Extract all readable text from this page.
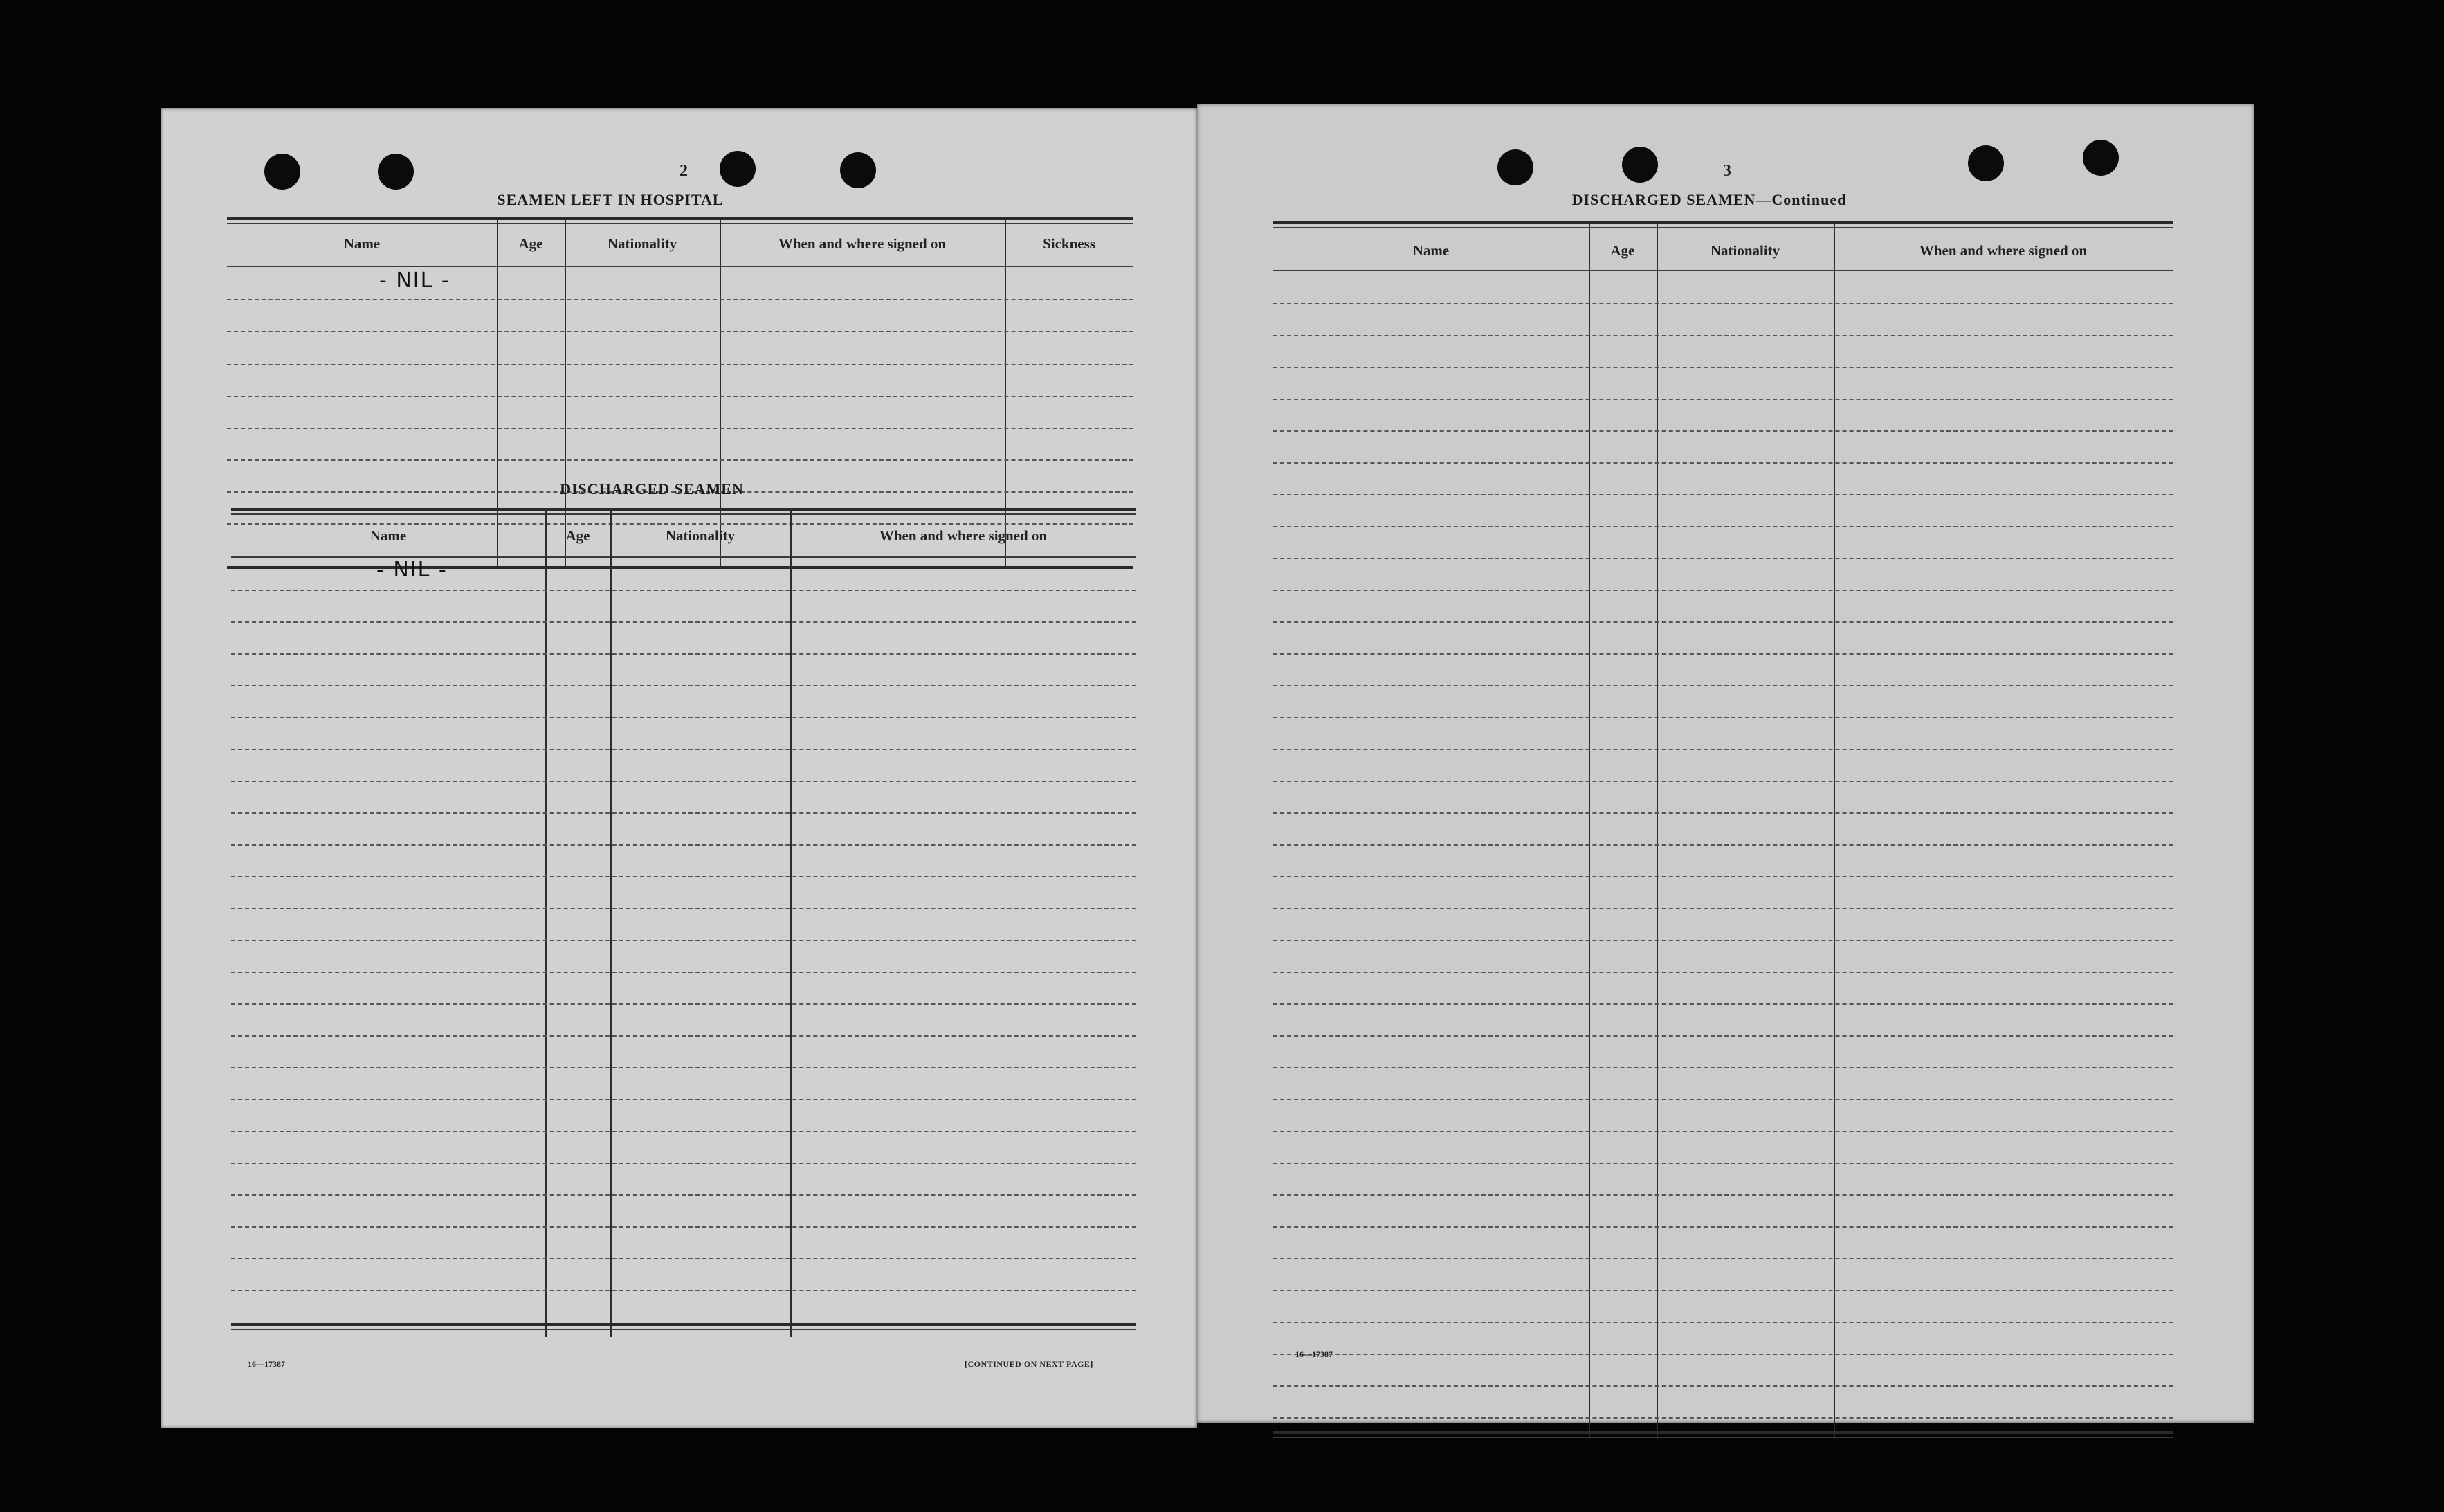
2
SEAMEN LEFT IN HOSPITAL
Name	Age	Nationality	When and where signed on	Sickness
- NIL -
DISCHARGED SEAMEN
Name	Age	Nationality	When and where signed on
- NIL -
16—17387	[CONTINUED ON NEXT PAGE]
3
DISCHARGED SEAMEN—Continued
Name	Age	Nationality	When and where signed on
16—17387
